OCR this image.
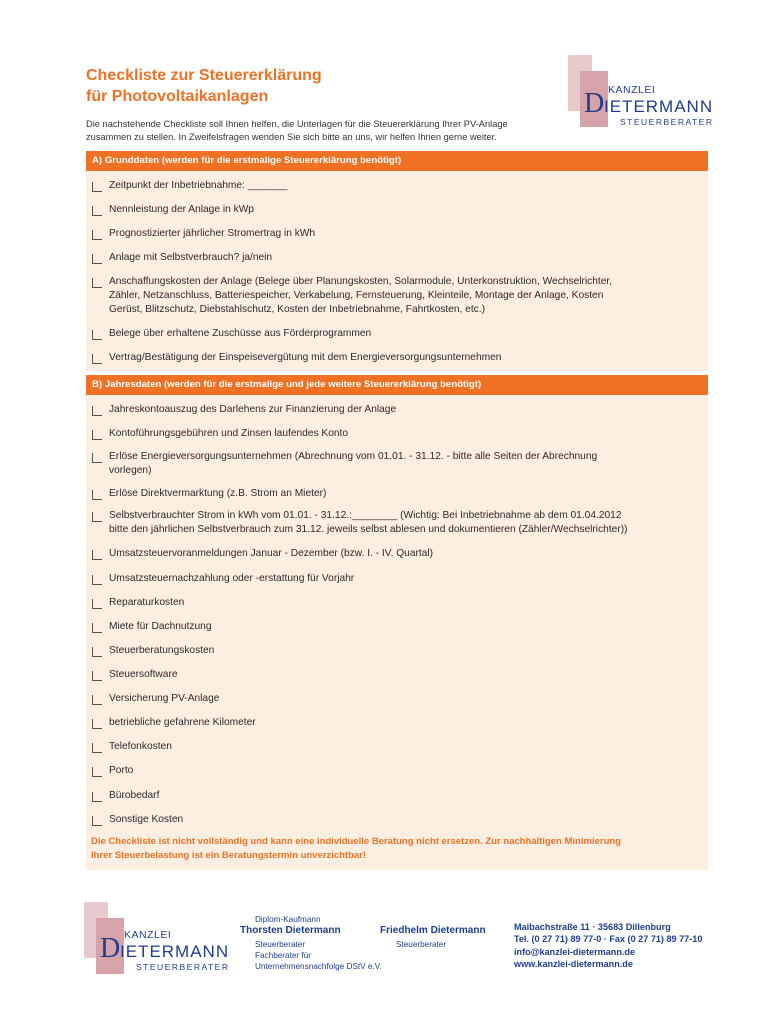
Checkliste zur Steuererklärung
für Photovoltaikanlagen
Die nachstehende Checkliste soll Ihnen helfen, die Unterlagen für die Steuererklärung Ihrer PV-Anlage
zusammen zu stellen. In Zweifelsfragen wenden Sie sich bitte an uns, wir helfen Ihnen gerne weiter.
KANZLEI
D IETERMANN
STEUERBERATER
A) Grunddaten (werden für die erstmalige Steuererklärung benötigt)
Zeitpunkt der Inbetriebnahme: _______
Nennleistung der Anlage in kWp
Prognostizierter jährlicher Stromertrag in kWh
Anlage mit Selbstverbrauch? ja/nein
Anschaffungskosten der Anlage (Belege über Planungskosten, Solarmodule, Unterkonstruktion, Wechselrichter,
Zähler, Netzanschluss, Batteriespeicher, Verkabelung, Fernsteuerung, Kleinteile, Montage der Anlage, Kosten
Gerüst, Blitzschutz, Diebstahlschutz, Kosten der Inbetriebnahme, Fahrtkosten, etc.)
Belege über erhaltene Zuschüsse aus Förderprogrammen
Vertrag/Bestätigung der Einspeisevergütung mit dem Energieversorgungsunternehmen
B) Jahresdaten (werden für die erstmalige und jede weitere Steuererklärung benötigt)
Jahreskontoauszug des Darlehens zur Finanzierung der Anlage
Kontoführungsgebühren und Zinsen laufendes Konto
Erlöse Energieversorgungsunternehmen (Abrechnung vom 01.01. - 31.12. - bitte alle Seiten der Abrechnung
vorlegen)
Erlöse Direktvermarktung (z.B. Strom an Mieter)
Selbstverbrauchter Strom in kWh vom 01.01. - 31.12.:________ (Wichtig: Bei Inbetriebnahme ab dem 01.04.2012
bitte den jährlichen Selbstverbrauch zum 31.12. jeweils selbst ablesen und dokumentieren (Zähler/Wechselrichter))
Umsatzsteuervoranmeldungen Januar - Dezember (bzw. I. - IV. Quartal)
Umsatzsteuernachzahlung oder -erstattung für Vorjahr
Reparaturkosten
Miete für Dachnutzung
Steuerberatungskosten
Steuersoftware
Versicherung PV-Anlage
betriebliche gefahrene Kilometer
Telefonkosten
Porto
Bürobedarf
Sonstige Kosten
Die Checkliste ist nicht vollständig und kann eine individuelle Beratung nicht ersetzen. Zur nachhaltigen Minimierung
Ihrer Steuerbelastung ist ein Beratungstermin unverzichtbar!
KANZLEI
D IETERMANN
STEUERBERATER
Diplom-Kaufmann
Thorsten Dietermann
Steuerberater
Fachberater für
Unternehmensnachfolge DStV e.V.
Friedhelm Dietermann
Steuerberater
Maibachstraße 11 · 35683 Dillenburg
Tel. (0 27 71) 89 77-0 · Fax (0 27 71) 89 77-10
info@kanzlei-dietermann.de
www.kanzlei-dietermann.de
